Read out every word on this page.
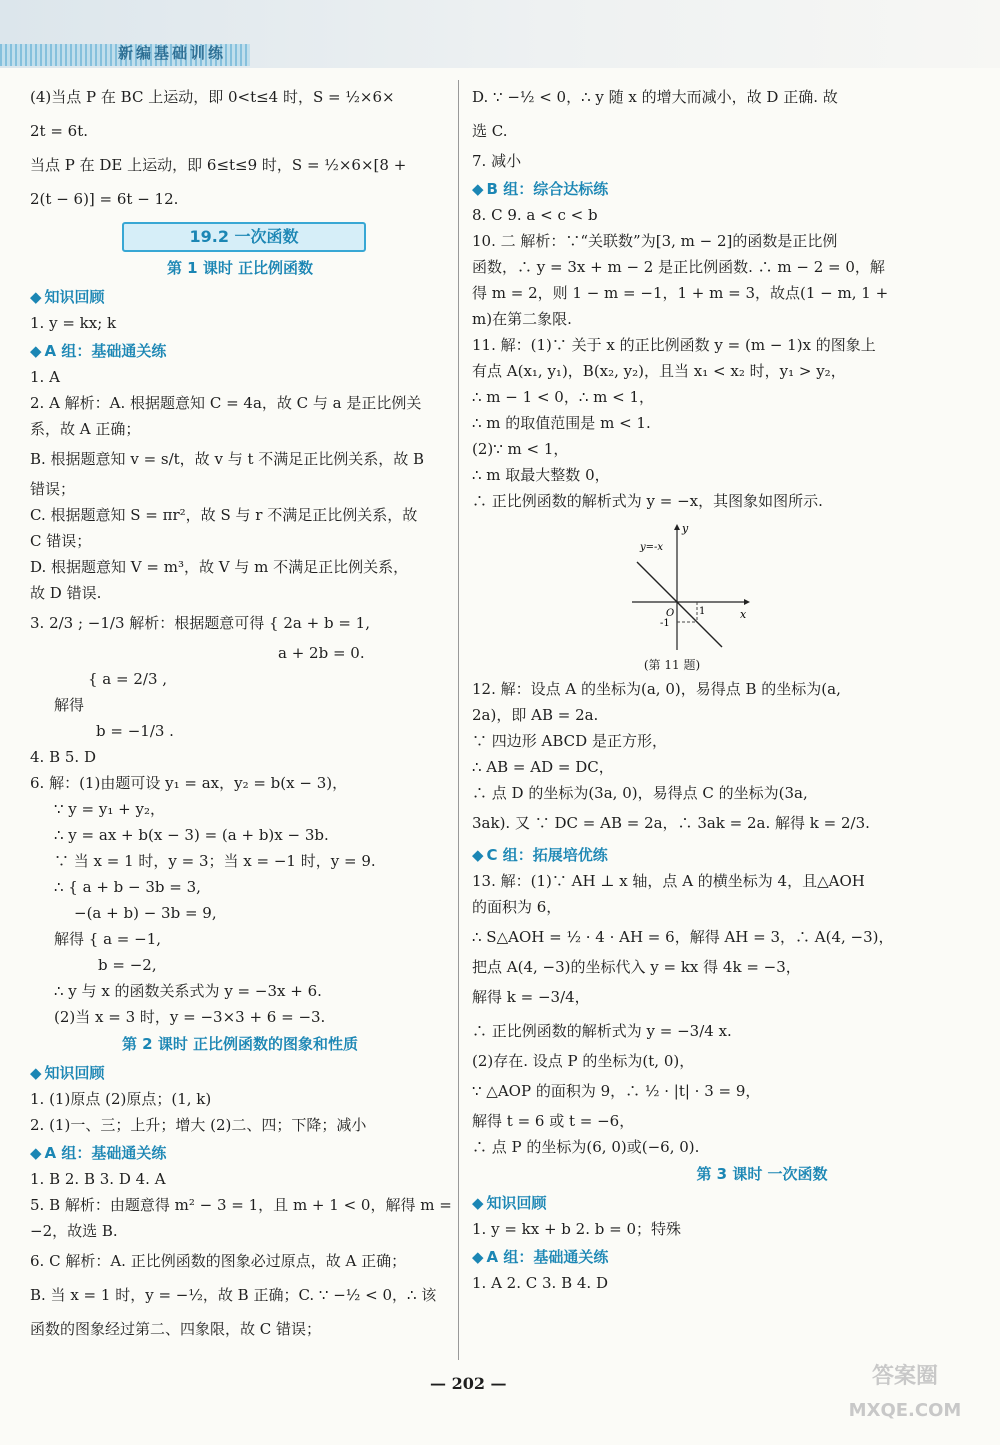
新编基础训练
(4)当点 P 在 BC 上运动，即 0<t≤4 时，S = ½×6×
2t = 6t.
当点 P 在 DE 上运动，即 6≤t≤9 时，S = ½×6×[8 +
2(t − 6)] = 6t − 12.
19.2 一次函数
第 1 课时 正比例函数
◆ 知识回顾
1. y = kx; k
◆ A 组：基础通关练
1. A
2. A 解析：A. 根据题意知 C = 4a，故 C 与 a 是正比例关
系，故 A 正确；
B. 根据题意知 v = s/t，故 v 与 t 不满足正比例关系，故 B
错误；
C. 根据题意知 S = πr²，故 S 与 r 不满足正比例关系，故
C 错误；
D. 根据题意知 V = m³，故 V 与 m 不满足正比例关系，
故 D 错误.
3. 2/3 ; −1/3 解析：根据题意可得 { 2a + b = 1,
a + 2b = 0.
{ a = 2/3 ,
解得
b = −1/3 .
4. B 5. D
6. 解：(1)由题可设 y₁ = ax，y₂ = b(x − 3)，
∵ y = y₁ + y₂，
∴ y = ax + b(x − 3) = (a + b)x − 3b.
∵ 当 x = 1 时，y = 3；当 x = −1 时，y = 9.
∴ { a + b − 3b = 3,
−(a + b) − 3b = 9,
解得 { a = −1,
b = −2,
∴ y 与 x 的函数关系式为 y = −3x + 6.
(2)当 x = 3 时，y = −3×3 + 6 = −3.
第 2 课时 正比例函数的图象和性质
◆ 知识回顾
1. (1)原点 (2)原点；(1, k)
2. (1)一、三；上升；增大 (2)二、四；下降；减小
◆ A 组：基础通关练
1. B 2. B 3. D 4. A
5. B 解析：由题意得 m² − 3 = 1，且 m + 1 < 0，解得 m =
−2，故选 B.
6. C 解析：A. 正比例函数的图象必过原点，故 A 正确；
B. 当 x = 1 时，y = −½，故 B 正确；C. ∵ −½ < 0，∴ 该
函数的图象经过第二、四象限，故 C 错误；
D. ∵ −½ < 0，∴ y 随 x 的增大而减小，故 D 正确. 故
选 C.
7. 减小
◆ B 组：综合达标练
8. C 9. a < c < b
10. 二 解析：∵“关联数”为[3, m − 2]的函数是正比例
函数，∴ y = 3x + m − 2 是正比例函数. ∴ m − 2 = 0，解
得 m = 2，则 1 − m = −1，1 + m = 3，故点(1 − m, 1 +
m)在第二象限.
11. 解：(1)∵ 关于 x 的正比例函数 y = (m − 1)x 的图象上
有点 A(x₁, y₁)，B(x₂, y₂)，且当 x₁ < x₂ 时，y₁ > y₂，
∴ m − 1 < 0，∴ m < 1，
∴ m 的取值范围是 m < 1.
(2)∵ m < 1，
∴ m 取最大整数 0，
∴ 正比例函数的解析式为 y = −x，其图象如图所示.
y
x
y=-x
O 1
-1
(第 11 题)
12. 解：设点 A 的坐标为(a, 0)，易得点 B 的坐标为(a,
2a)，即 AB = 2a.
∵ 四边形 ABCD 是正方形，
∴ AB = AD = DC，
∴ 点 D 的坐标为(3a, 0)，易得点 C 的坐标为(3a,
3ak). 又 ∵ DC = AB = 2a，∴ 3ak = 2a. 解得 k = 2/3.
◆ C 组：拓展培优练
13. 解：(1)∵ AH ⊥ x 轴，点 A 的横坐标为 4，且△AOH
的面积为 6，
∴ S△AOH = ½ · 4 · AH = 6，解得 AH = 3，∴ A(4, −3)，
把点 A(4, −3)的坐标代入 y = kx 得 4k = −3，
解得 k = −3/4，
∴ 正比例函数的解析式为 y = −3/4 x.
(2)存在. 设点 P 的坐标为(t, 0)，
∵ △AOP 的面积为 9，∴ ½ · |t| · 3 = 9，
解得 t = 6 或 t = −6，
∴ 点 P 的坐标为(6, 0)或(−6, 0).
第 3 课时 一次函数
◆ 知识回顾
1. y = kx + b 2. b = 0；特殊
◆ A 组：基础通关练
1. A 2. C 3. B 4. D
— 202 —	答案圈
MXQE.COM
